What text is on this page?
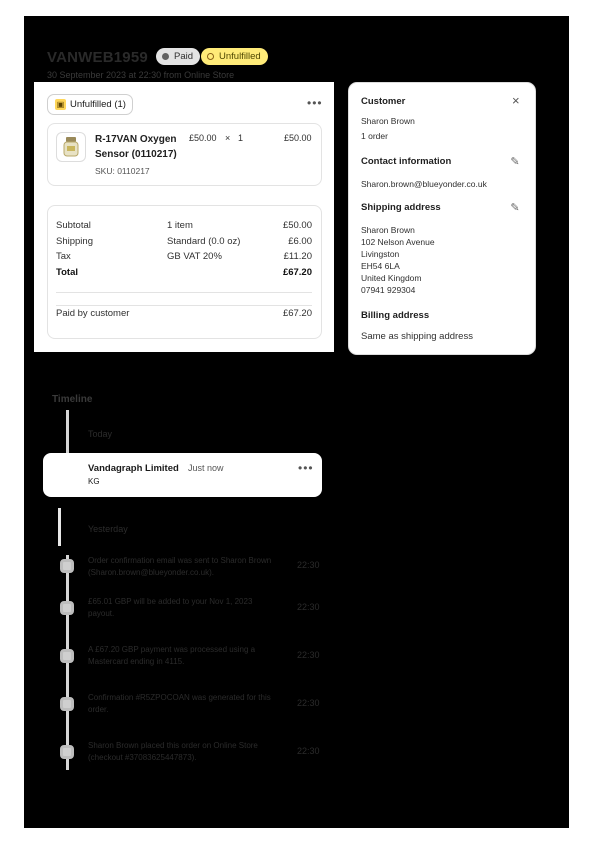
VANWEB1959	Paid	Unfulfilled
30 September 2023 at 22:30 from Online Store
▣ Unfulfilled (1)	•••
R-17VAN Oxygen Sensor (0110217)
SKU: 0110217
£50.00 × 1	£50.00
Subtotal	1 item	£50.00
Shipping	Standard (0.0 oz)	£6.00
Tax	GB VAT 20%	£11.20
Total	£67.20
Paid by customer	£67.20
Customer	×
Sharon Brown
1 order
Contact information	✎
Sharon.brown@blueyonder.co.uk
Shipping address	✎
Sharon Brown
102 Nelson Avenue
Livingston
EH54 6LA
United Kingdom
07941 929304
Billing address
Same as shipping address
Timeline
Today
Vandagraph Limited Just now
KG
•••
Yesterday
Order confirmation email was sent to Sharon Brown (Sharon.brown@blueyonder.co.uk).
22:30
£65.01 GBP will be added to your Nov 1, 2023 payout.
22:30
A £67.20 GBP payment was processed using a Mastercard ending in 4115.
22:30
Confirmation #R5ZPOCOAN was generated for this order.
22:30
Sharon Brown placed this order on Online Store (checkout #37083625447873).
22:30
